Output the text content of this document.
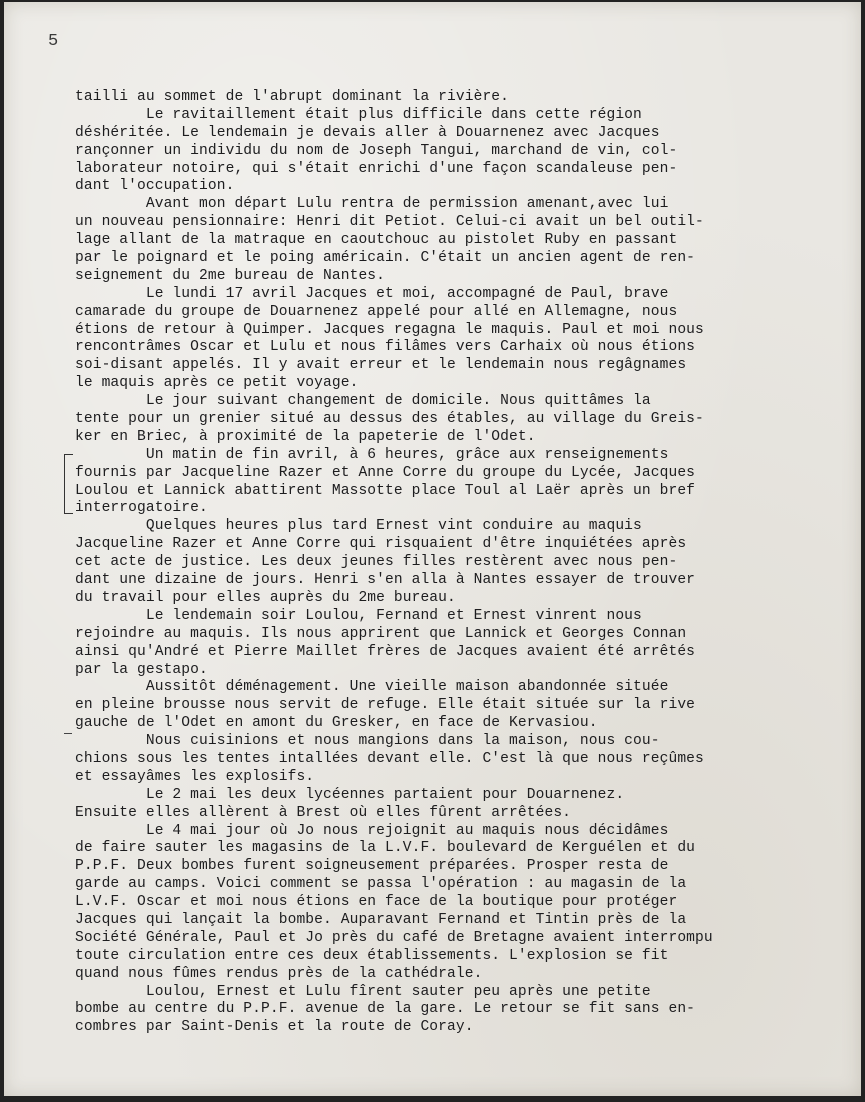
5
tailli au sommet de l'abrupt dominant la rivière.
Le ravitaillement était plus difficile dans cette région
déshéritée. Le lendemain je devais aller à Douarnenez avec Jacques
rançonner un individu du nom de Joseph Tangui, marchand de vin, col-
laborateur notoire, qui s'était enrichi d'une façon scandaleuse pen-
dant l'occupation.
Avant mon départ Lulu rentra de permission amenant,avec lui
un nouveau pensionnaire: Henri dit Petiot. Celui-ci avait un bel outil-
lage allant de la matraque en caoutchouc au pistolet Ruby en passant
par le poignard et le poing américain. C'était un ancien agent de ren-
seignement du 2me bureau de Nantes.
Le lundi 17 avril Jacques et moi, accompagné de Paul, brave
camarade du groupe de Douarnenez appelé pour allé en Allemagne, nous
étions de retour à Quimper. Jacques regagna le maquis. Paul et moi nous
rencontrâmes Oscar et Lulu et nous filâmes vers Carhaix où nous étions
soi-disant appelés. Il y avait erreur et le lendemain nous regâgnames
le maquis après ce petit voyage.
Le jour suivant changement de domicile. Nous quittâmes la
tente pour un grenier situé au dessus des étables, au village du Greis-
ker en Briec, à proximité de la papeterie de l'Odet.
Un matin de fin avril, à 6 heures, grâce aux renseignements
fournis par Jacqueline Razer et Anne Corre du groupe du Lycée, Jacques
Loulou et Lannick abattirent Massotte place Toul al Laër après un bref
interrogatoire.
Quelques heures plus tard Ernest vint conduire au maquis
Jacqueline Razer et Anne Corre qui risquaient d'être inquiétées après
cet acte de justice. Les deux jeunes filles restèrent avec nous pen-
dant une dizaine de jours. Henri s'en alla à Nantes essayer de trouver
du travail pour elles auprès du 2me bureau.
Le lendemain soir Loulou, Fernand et Ernest vinrent nous
rejoindre au maquis. Ils nous apprirent que Lannick et Georges Connan
ainsi qu'André et Pierre Maillet frères de Jacques avaient été arrêtés
par la gestapo.
Aussitôt déménagement. Une vieille maison abandonnée située
en pleine brousse nous servit de refuge. Elle était située sur la rive
gauche de l'Odet en amont du Gresker, en face de Kervasiou.
Nous cuisinions et nous mangions dans la maison, nous cou-
chions sous les tentes intallées devant elle. C'est là que nous reçûmes
et essayâmes les explosifs.
Le 2 mai les deux lycéennes partaient pour Douarnenez.
Ensuite elles allèrent à Brest où elles fûrent arrêtées.
Le 4 mai jour où Jo nous rejoignit au maquis nous décidâmes
de faire sauter les magasins de la L.V.F. boulevard de Kerguélen et du
P.P.F. Deux bombes furent soigneusement préparées. Prosper resta de
garde au camps. Voici comment se passa l'opération : au magasin de la
L.V.F. Oscar et moi nous étions en face de la boutique pour protéger
Jacques qui lançait la bombe. Auparavant Fernand et Tintin près de la
Société Générale, Paul et Jo près du café de Bretagne avaient interrompu
toute circulation entre ces deux établissements. L'explosion se fit
quand nous fûmes rendus près de la cathédrale.
Loulou, Ernest et Lulu fîrent sauter peu après une petite
bombe au centre du P.P.F. avenue de la gare. Le retour se fit sans en-
combres par Saint-Denis et la route de Coray.
